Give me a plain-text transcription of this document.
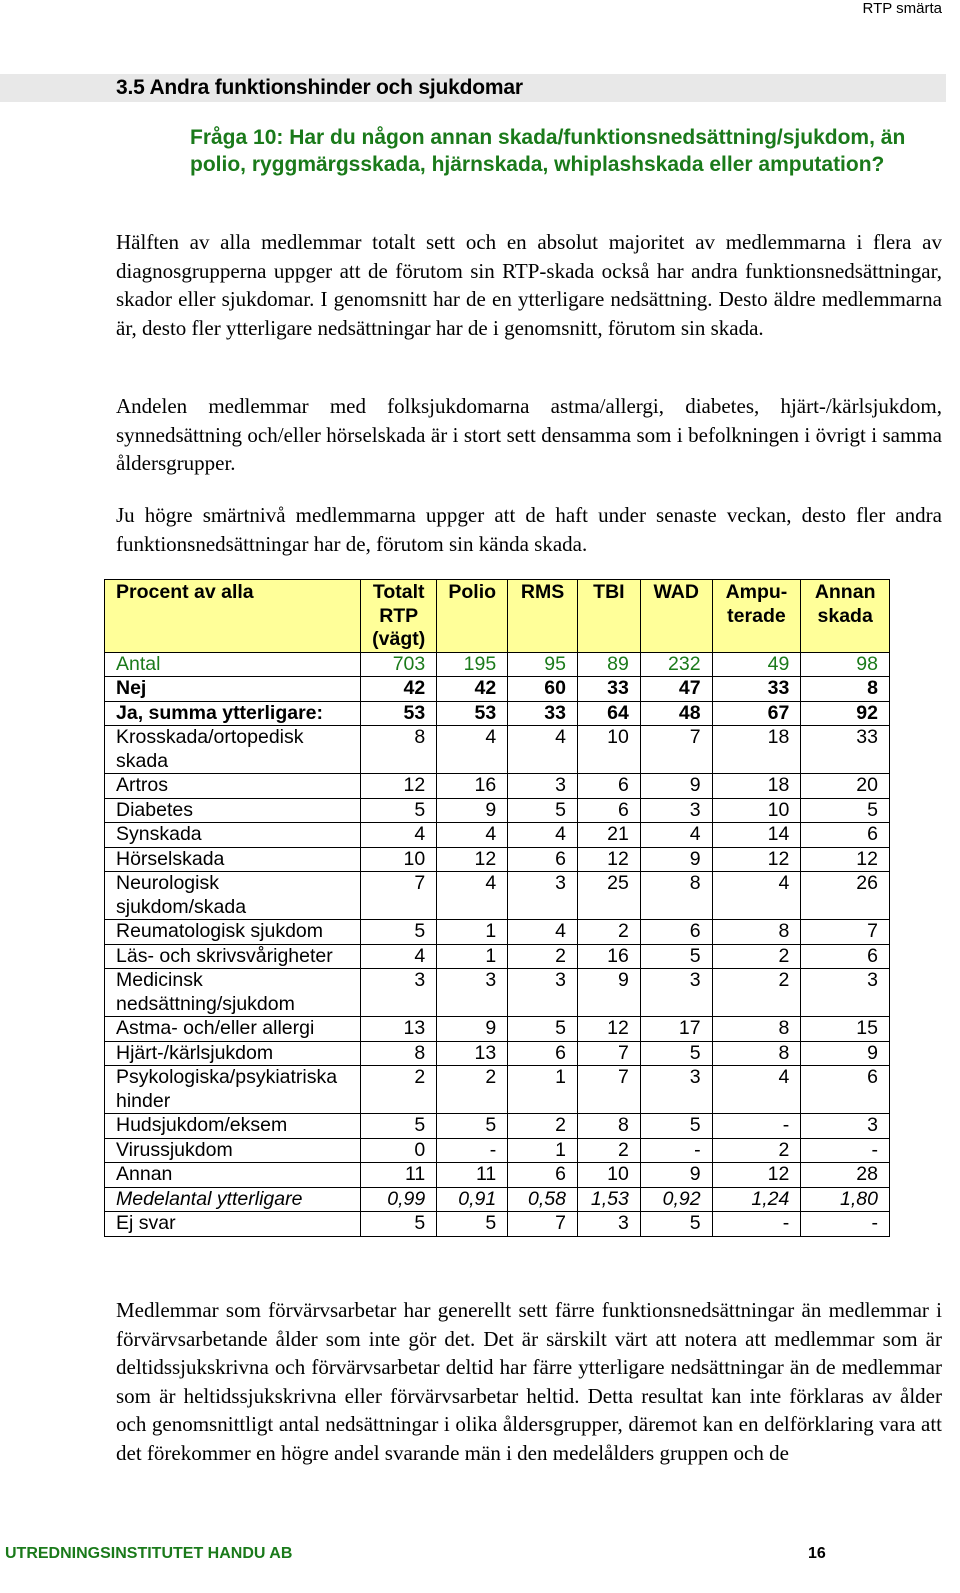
RTP smärta
3.5 Andra funktionshinder och sjukdomar
Fråga 10: Har du någon annan skada/funktionsnedsättning/sjukdom, än polio, ryggmärgsskada, hjärnskada, whiplashskada eller amputation?
Hälften av alla medlemmar totalt sett och en absolut majoritet av medlemmarna i flera av diagnosgrupperna uppger att de förutom sin RTP-skada också har andra funktionsnedsättningar, skador eller sjukdomar. I genomsnitt har de en ytterligare nedsättning. Desto äldre medlemmarna är, desto fler ytterligare nedsättningar har de i genomsnitt, förutom sin skada.
Andelen medlemmar med folksjukdomarna astma/allergi, diabetes, hjärt-/kärlsjukdom, synnedsättning och/eller hörselskada är i stort sett densamma som i befolkningen i övrigt i samma åldersgrupper.
Ju högre smärtnivå medlemmarna uppger att de haft under senaste veckan, desto fler andra funktionsnedsättningar har de, förutom sin kända skada.
Procent av alla	Totalt RTP (vägt)	Polio	RMS	TBI	WAD	Ampu-terade	Annan skada
Antal	703	195	95	89	232	49	98
Nej	42	42	60	33	47	33	8
Ja, summa ytterligare:	53	53	33	64	48	67	92
Krosskada/ortopedisk skada	8	4	4	10	7	18	33
Artros	12	16	3	6	9	18	20
Diabetes	5	9	5	6	3	10	5
Synskada	4	4	4	21	4	14	6
Hörselskada	10	12	6	12	9	12	12
Neurologisk sjukdom/skada	7	4	3	25	8	4	26
Reumatologisk sjukdom	5	1	4	2	6	8	7
Läs- och skrivsvårigheter	4	1	2	16	5	2	6
Medicinsk nedsättning/sjukdom	3	3	3	9	3	2	3
Astma- och/eller allergi	13	9	5	12	17	8	15
Hjärt-/kärlsjukdom	8	13	6	7	5	8	9
Psykologiska/psykiatriska hinder	2	2	1	7	3	4	6
Hudsjukdom/eksem	5	5	2	8	5	-	3
Virussjukdom	0	-	1	2	-	2	-
Annan	11	11	6	10	9	12	28
Medelantal ytterligare	0,99	0,91	0,58	1,53	0,92	1,24	1,80
Ej svar	5	5	7	3	5	-	-
Medlemmar som förvärvsarbetar har generellt sett färre funktionsnedsättningar än medlemmar i förvärvsarbetande ålder som inte gör det. Det är särskilt värt att notera att medlemmar som är deltidssjukskrivna och förvärvsarbetar deltid har färre ytterligare nedsättningar än de medlemmar som är heltidssjukskrivna eller förvärvsarbetar heltid. Detta resultat kan inte förklaras av ålder och genomsnittligt antal nedsättningar i olika åldersgrupper, däremot kan en delförklaring vara att det förekommer en högre andel svarande män i den medelålders gruppen och de
UTREDNINGSINSTITUTET HANDU AB	16
